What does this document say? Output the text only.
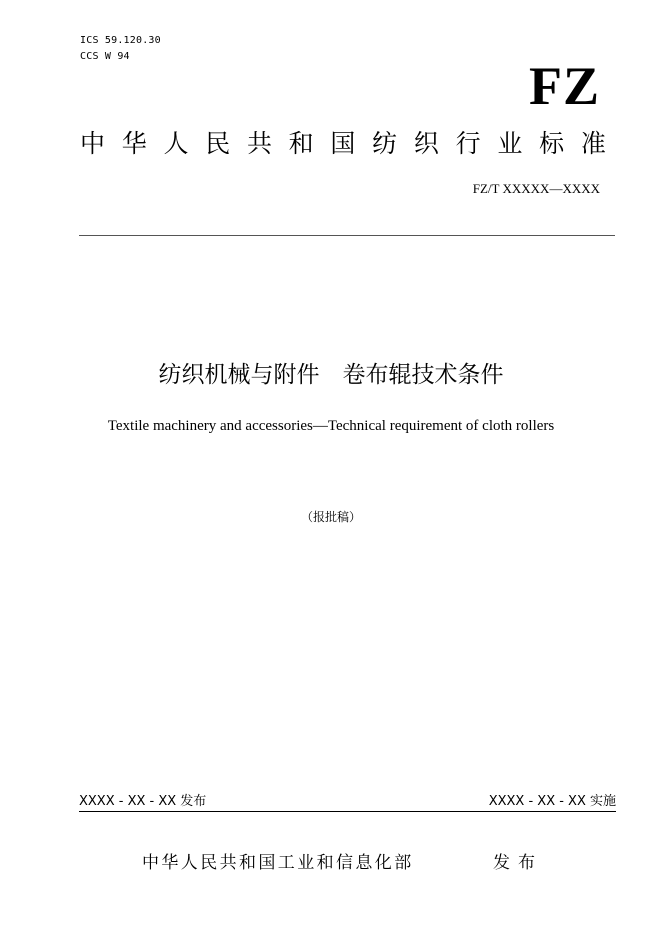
ICS 59.120.30
CCS W 94	FZ
中 华 人 民 共 和 国 纺 织 行 业 标 准
FZ/T XXXXX—XXXX
纺织机械与附件　卷布辊技术条件
Textile machinery and accessories—Technical requirement of cloth rollers
（报批稿）
XXXX - XX - XX 发布	XXXX - XX - XX 实施
中华人民共和国工业和信息化部	发布
